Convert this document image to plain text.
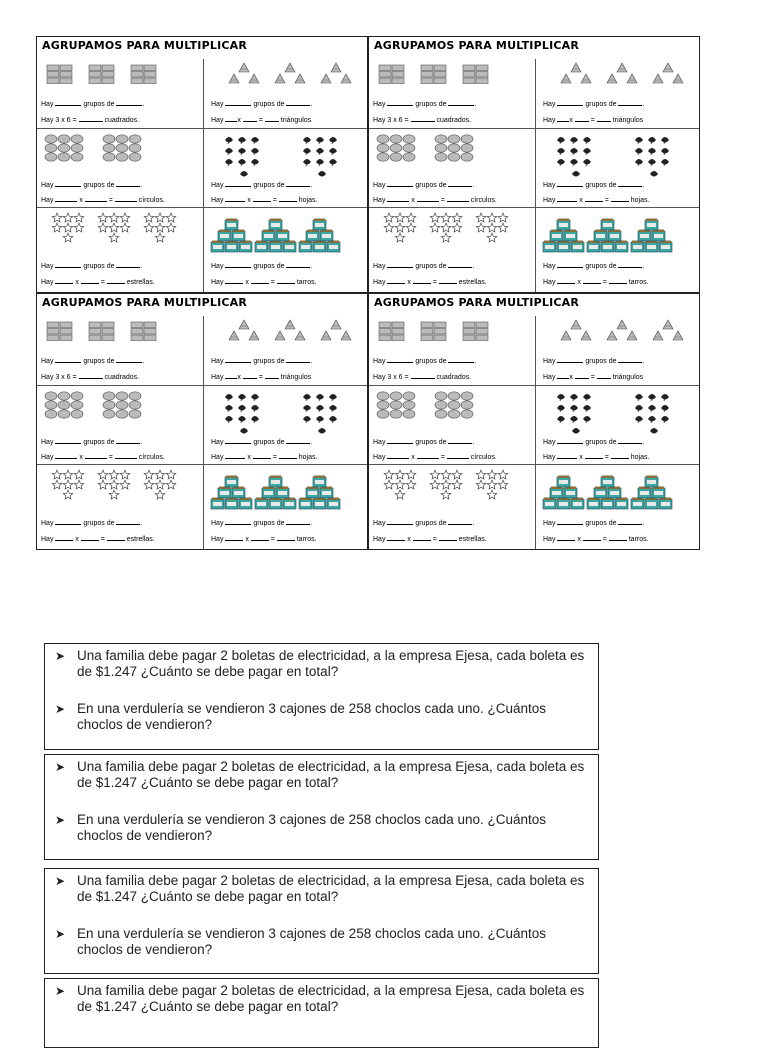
AGRUPAMOS PARA MULTIPLICAR
Hay	grupos de	.
Hay 3 x 6 =	cuadrados.
Hay	grupos de	.
Hay x  =  triángulos
Hay	grupos de	.
Hay	x	=	círculos.
Hay	grupos de	.
Hay	x	=	hojas.
Hay	grupos de	.
Hay	x	=	estrellas.
Hay	grupos de	.
Hay	x	=	tarros.
AGRUPAMOS PARA MULTIPLICAR
Hay	grupos de	.
Hay 3 x 6 =	cuadrados.
Hay	grupos de	.
Hay x  =  triángulos
Hay	grupos de	.
Hay	x	=	círculos.
Hay	grupos de	.
Hay	x	=	hojas.
Hay	grupos de	.
Hay	x	=	estrellas.
Hay	grupos de	.
Hay	x	=	tarros.
AGRUPAMOS PARA MULTIPLICAR
Hay	grupos de	.
Hay 3 x 6 =	cuadrados.
Hay	grupos de	.
Hay x  =  triángulos
Hay	grupos de	.
Hay	x	=	círculos.
Hay	grupos de	.
Hay	x	=	hojas.
Hay	grupos de	.
Hay	x	=	estrellas.
Hay	grupos de	.
Hay	x	=	tarros.
AGRUPAMOS PARA MULTIPLICAR
Hay	grupos de	.
Hay 3 x 6 =	cuadrados.
Hay	grupos de	.
Hay x  =  triángulos
Hay	grupos de	.
Hay	x	=	círculos.
Hay	grupos de	.
Hay	x	=	hojas.
Hay	grupos de	.
Hay	x	=	estrellas.
Hay	grupos de	.
Hay	x	=	tarros.
➤ Una familia debe pagar 2 boletas de electricidad, a la empresa Ejesa, cada boleta es de $1.247 ¿Cuánto se debe pagar en total?
➤ En una verdulería se vendieron 3 cajones de 258 choclos cada uno. ¿Cuántos choclos de vendieron?
➤ Una familia debe pagar 2 boletas de electricidad, a la empresa Ejesa, cada boleta es de $1.247 ¿Cuánto se debe pagar en total?
➤ En una verdulería se vendieron 3 cajones de 258 choclos cada uno. ¿Cuántos choclos de vendieron?
➤ Una familia debe pagar 2 boletas de electricidad, a la empresa Ejesa, cada boleta es de $1.247 ¿Cuánto se debe pagar en total?
➤ En una verdulería se vendieron 3 cajones de 258 choclos cada uno. ¿Cuántos choclos de vendieron?
➤ Una familia debe pagar 2 boletas de electricidad, a la empresa Ejesa, cada boleta es de $1.247 ¿Cuánto se debe pagar en total?
